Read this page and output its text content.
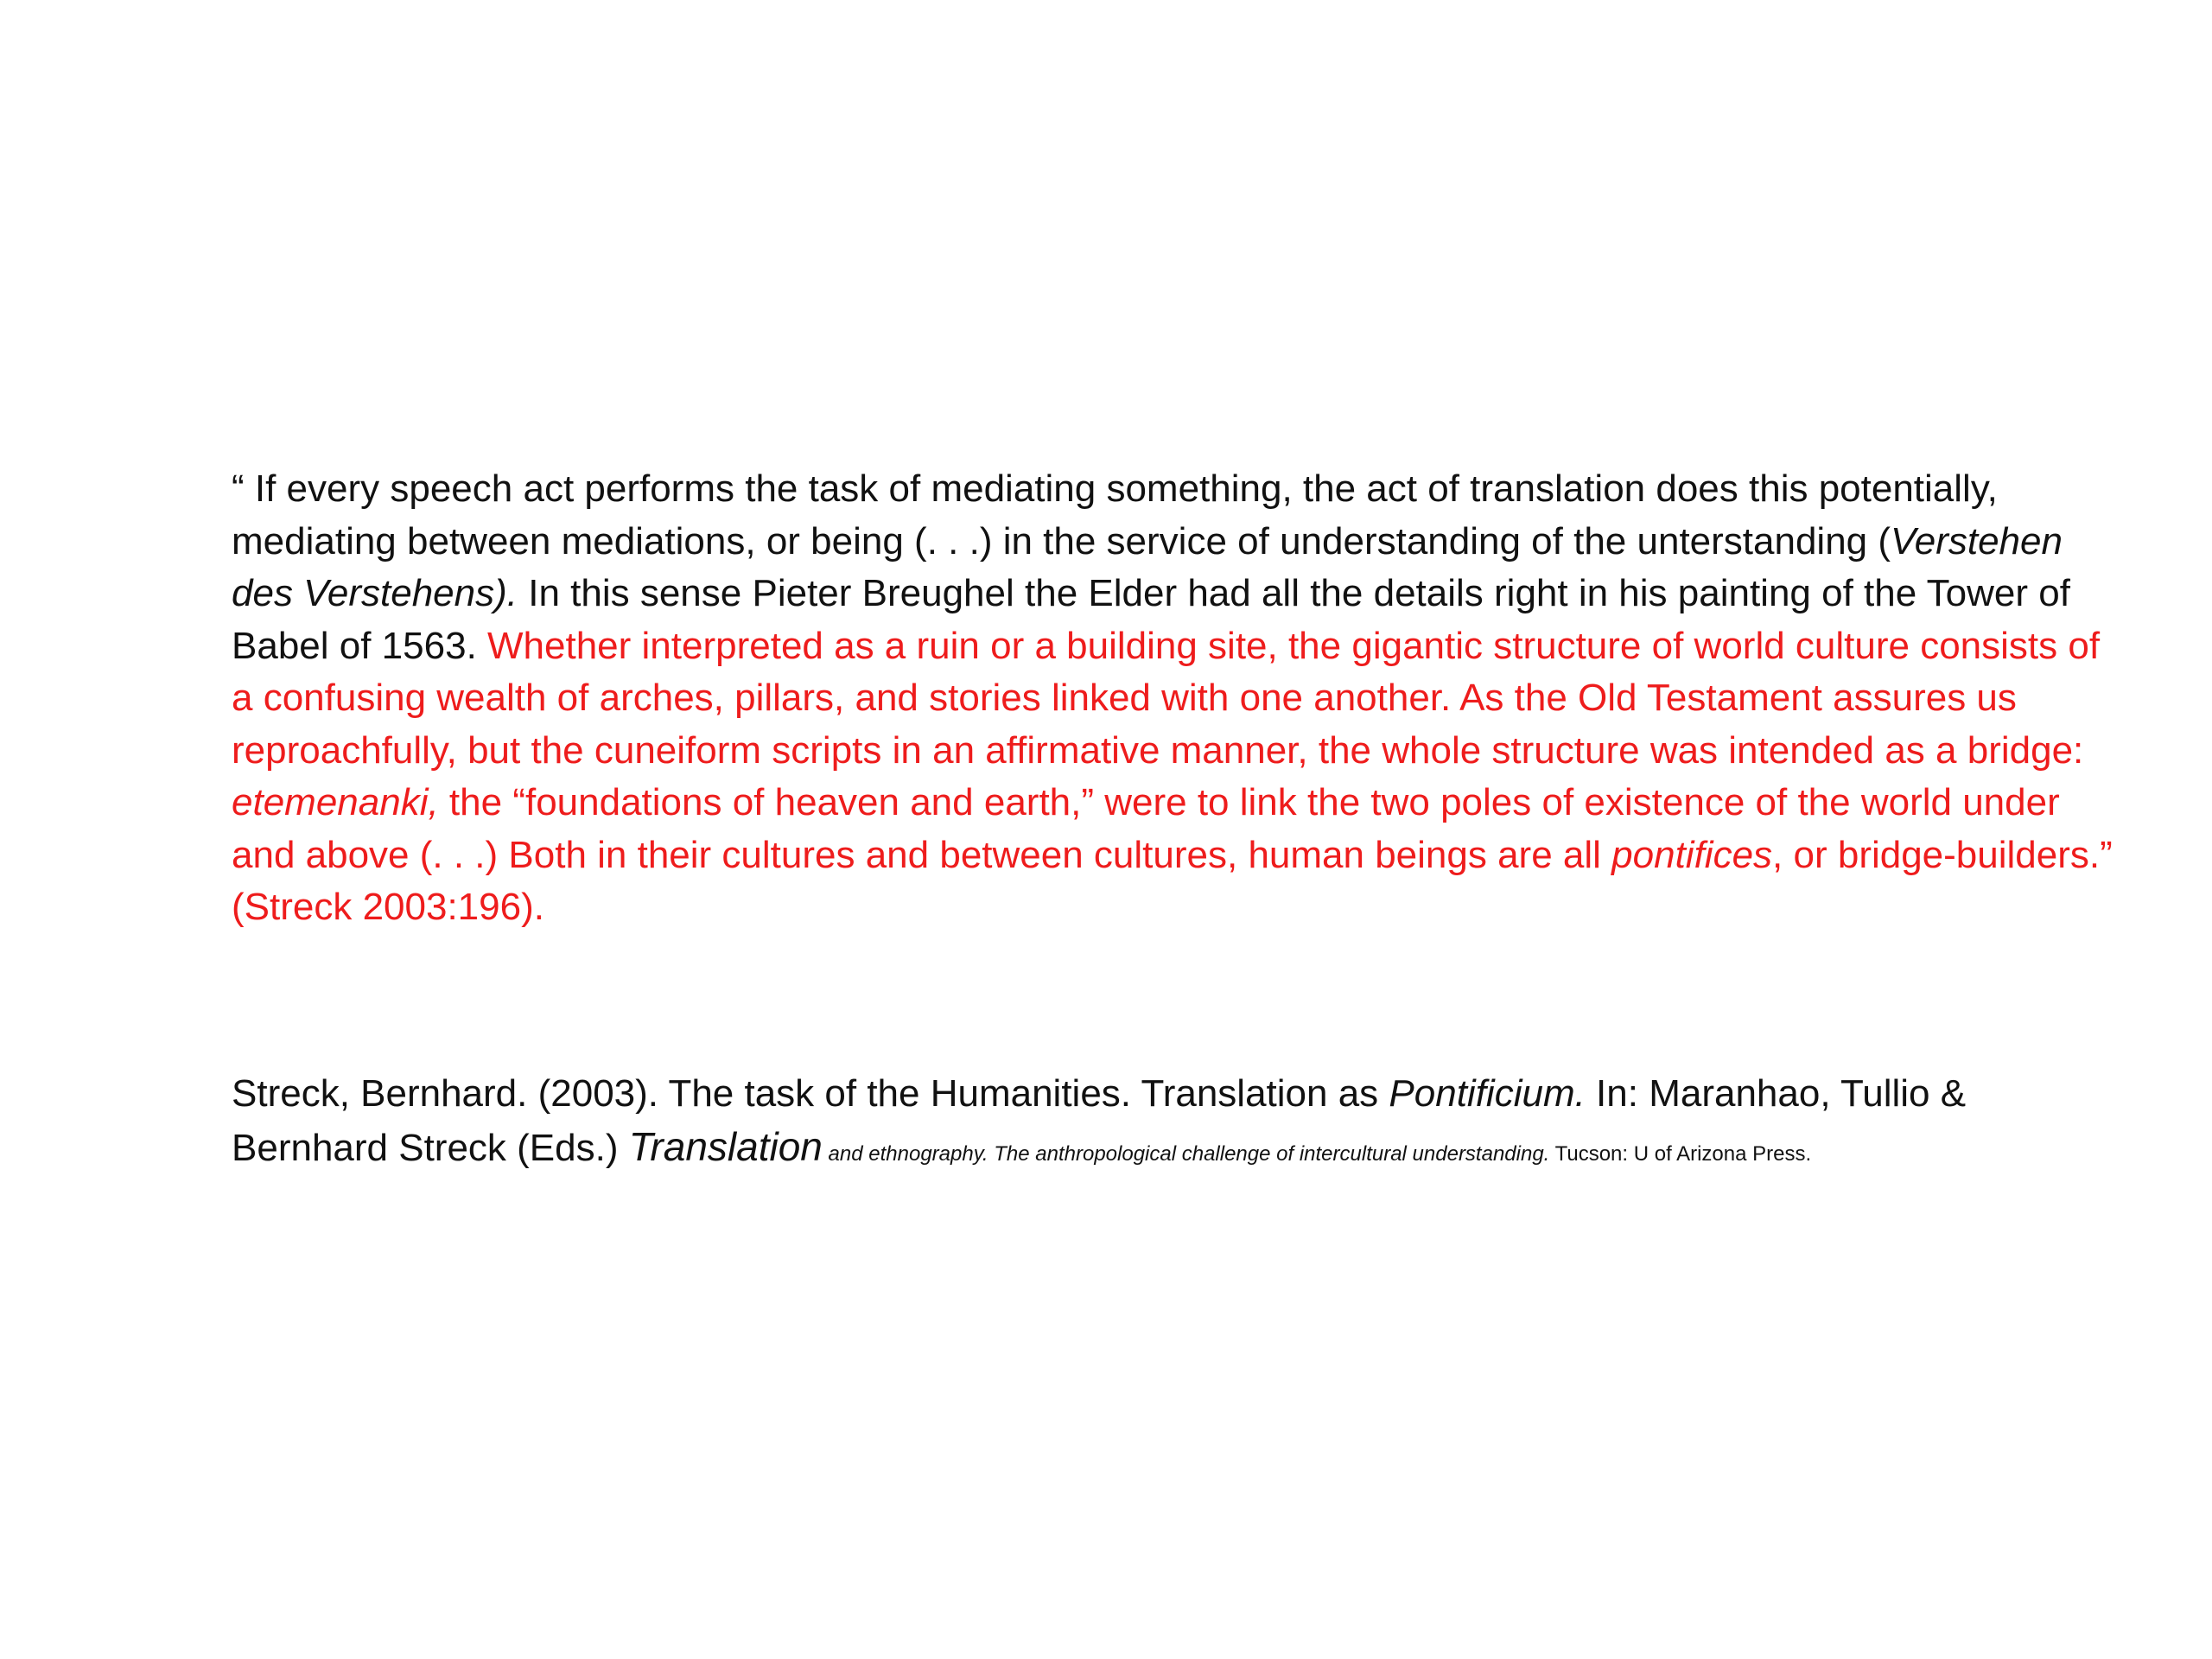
“ If every speech act performs the task of mediating something, the act of translation does this potentially, mediating between mediations, or being (. . .) in the service of understanding of the unterstanding (Verstehen des Verstehens). In this sense Pieter Breughel the Elder had all the details right in his painting of the Tower of Babel of 1563. Whether interpreted as a ruin or a building site, the gigantic structure of world culture consists of a confusing wealth of arches, pillars, and stories linked with one another. As the Old Testament assures us reproachfully, but the cuneiform scripts in an affirmative manner, the whole structure was intended as a bridge: etemenanki, the “foundations of heaven and earth,” were to link the two poles of existence of the world under and above (. . .) Both in their cultures and between cultures, human beings are all pontifices, or bridge-builders.” (Streck 2003:196).

Streck, Bernhard. (2003). The task of the Humanities. Translation as Pontificium. In: Maranhao, Tullio & Bernhard Streck (Eds.) Translation and ethnography. The anthropological challenge of intercultural understanding. Tucson: U of Arizona Press.
